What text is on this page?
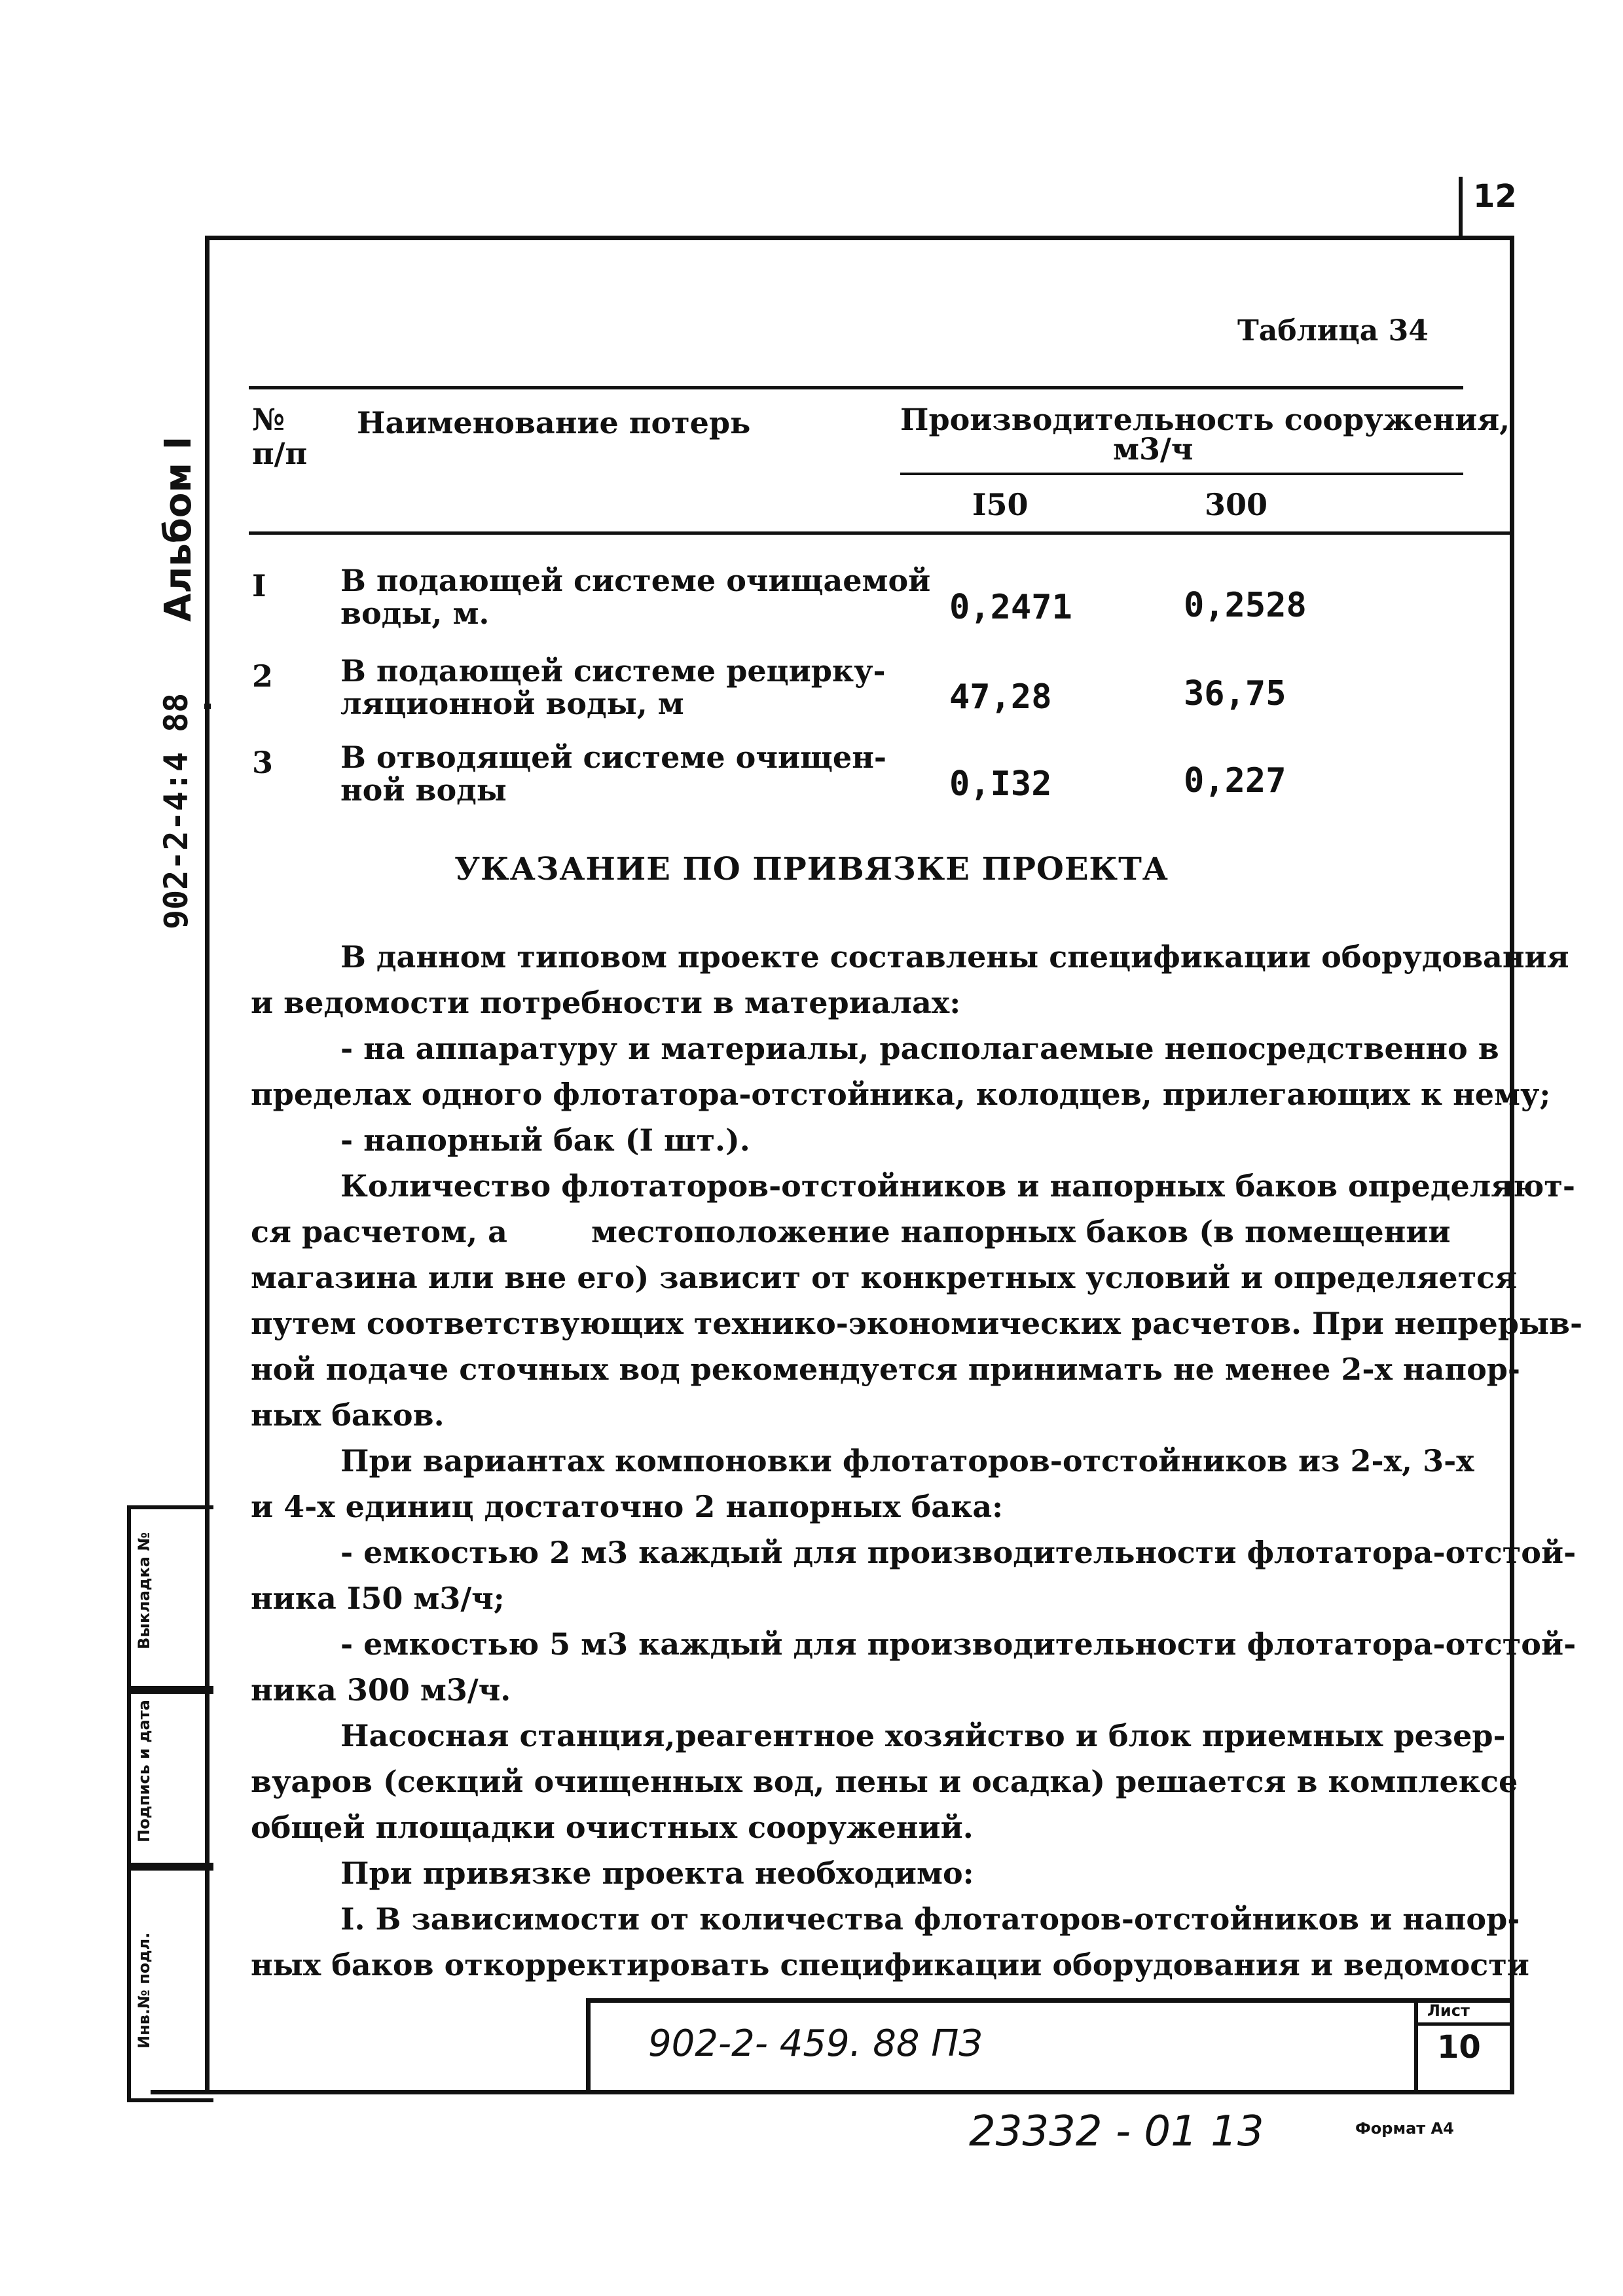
12
Альбом I
902-2-4:4 88
Выкладка №
Подпись и дата
Инв.№ подл.
Таблица 34
№
п/п
Наименование потерь	Производительность сооружения,
м3/ч
I50	300
I В подающей системе очищаемой
воды, м.	0,2471	0,2528
2 В подающей системе рецирку-
ляционной воды, м	47,28	36,75
3 В отводящей системе очищен-
ной воды	0,I32	0,227
УКАЗАНИЕ ПО ПРИВЯЗКЕ ПРОЕКТА
В данном типовом проекте составлены спецификации оборудования
и ведомости потребности в материалах:
- на аппаратуру и материалы, располагаемые непосредственно в
пределах одного флотатора-отстойника, колодцев, прилегающих к нему;
- напорный бак (I шт.).
Количество флотаторов-отстойников и напорных баков определяют-
ся расчетом, а        местоположение напорных баков (в помещении
магазина или вне его) зависит от конкретных условий и определяется
путем соответствующих технико-экономических расчетов. При непрерыв-
ной подаче сточных вод рекомендуется принимать не менее 2-х напор-
ных баков.
При вариантах компоновки флотаторов-отстойников из 2-х, 3-х
и 4-х единиц достаточно 2 напорных бака:
- емкостью 2 м3 каждый для производительности флотатора-отстой-
ника I50 м3/ч;
- емкостью 5 м3 каждый для производительности флотатора-отстой-
ника 300 м3/ч.
Насосная станция,реагентное хозяйство и блок приемных резер-
вуаров (секций очищенных вод, пены и осадка) решается в комплексе
общей площадки очистных сооружений.
При привязке проекта необходимо:
I. В зависимости от количества флотаторов-отстойников и напор-
ных баков откорректировать спецификации оборудования и ведомости
902-2- 459. 88 ПЗ
Лист
10
23332 - 01 13	Формат А4
